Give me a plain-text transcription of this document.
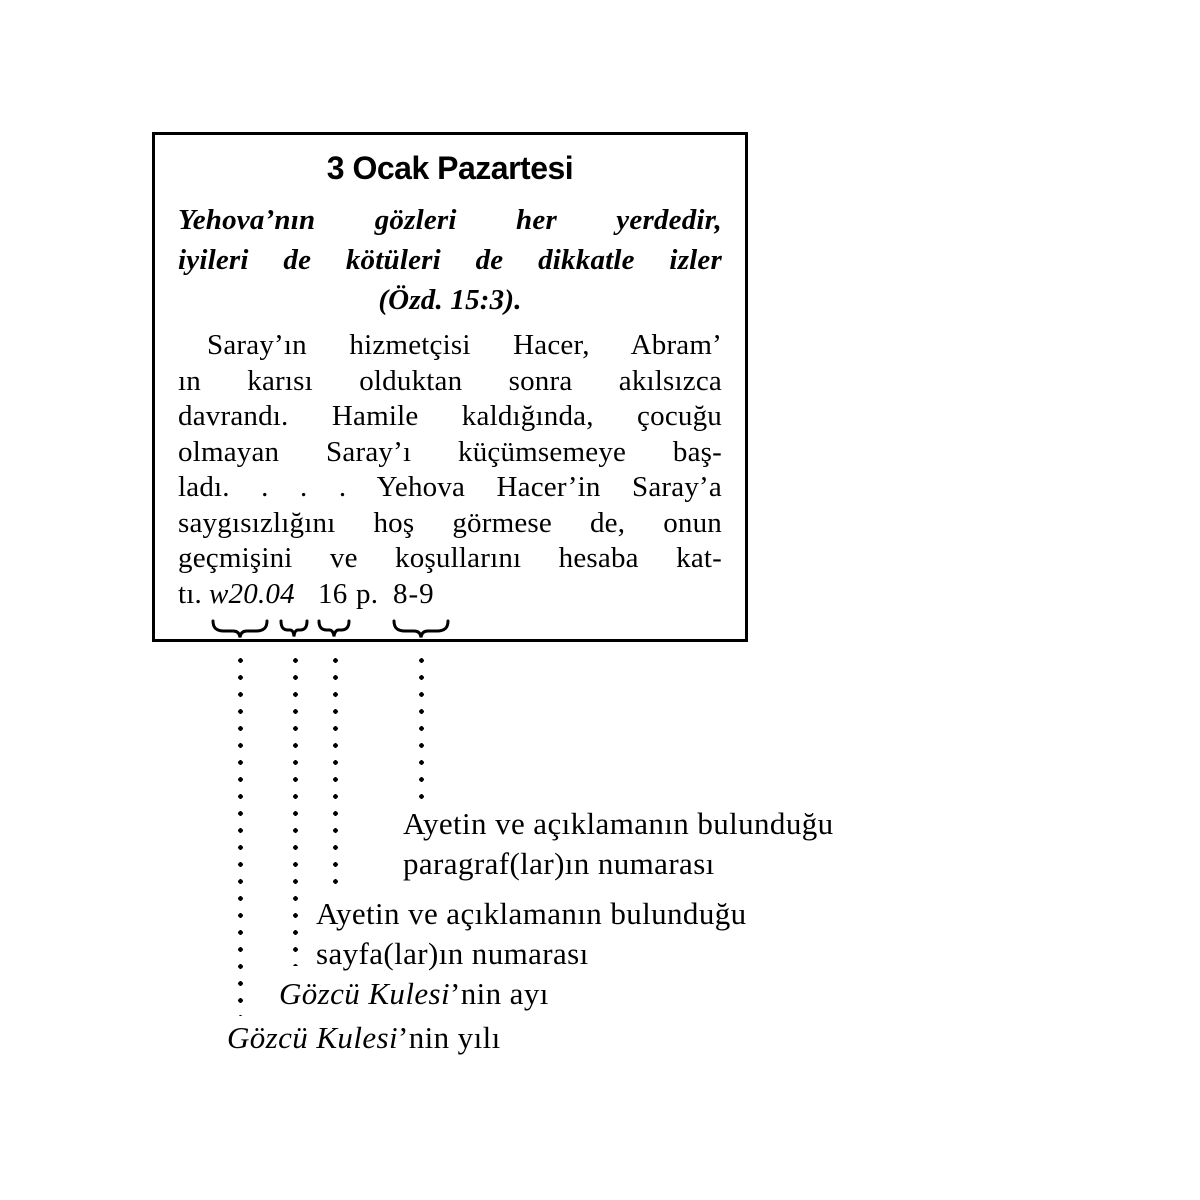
3 Ocak Pazartesi
Yehova’nın gözleri her yerdedir,
iyileri de kötüleri de dikkatle izler
(Özd. 15:3).
Saray’ın hizmetçisi Hacer, Abram’
ın karısı olduktan sonra akılsızca
davrandı. Hamile kaldığında, çocuğu
olmayan Saray’ı küçümsemeye baş-
ladı. . . . Yehova Hacer’in Saray’a
saygısızlığını hoş görmese de, onun
geçmişini ve koşullarını hesaba kat-
tı. w20.04 16 p. 8-9
Ayetin ve açıklamanın bulunduğu
paragraf(lar)ın numarası
Ayetin ve açıklamanın bulunduğu
sayfa(lar)ın numarası
Gözcü Kulesi’nin ayı
Gözcü Kulesi’nin yılı
